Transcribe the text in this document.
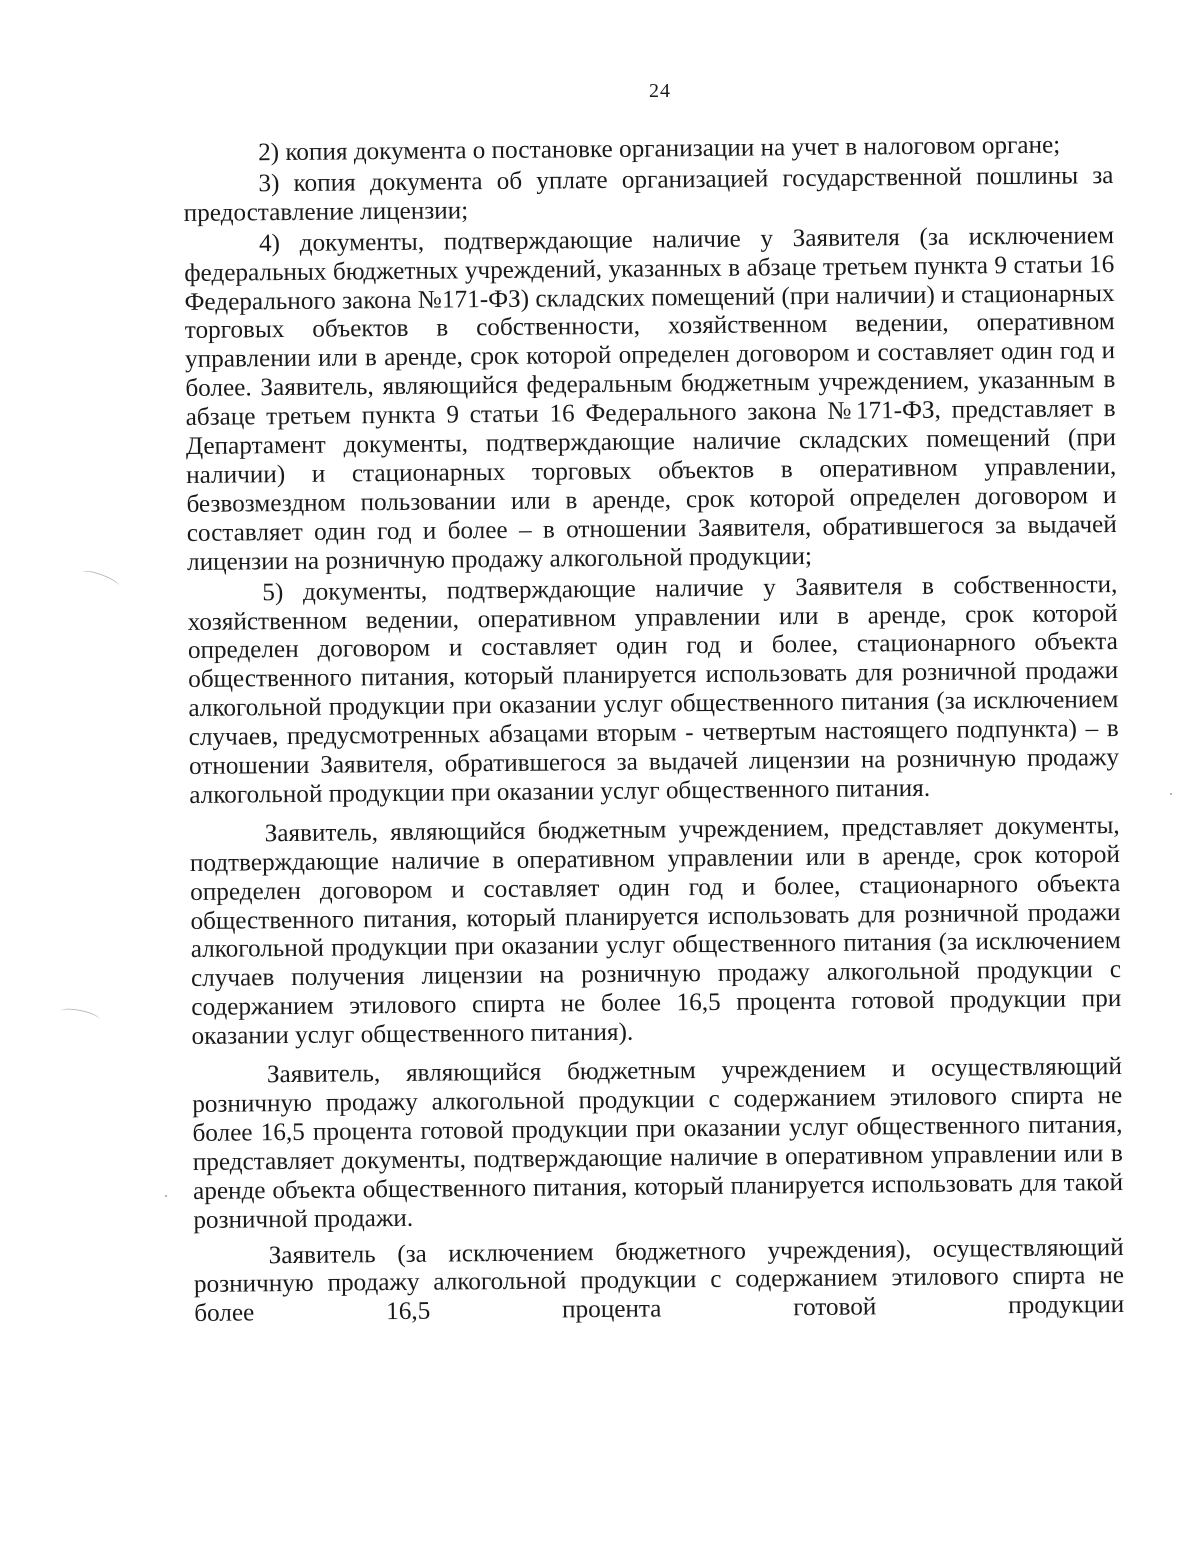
24

2) копия документа о постановке организации на учет в налоговом органе;

3) копия документа об уплате организацией государственной пошлины за предоставление лицензии;

4) документы, подтверждающие наличие у Заявителя (за исключением федеральных бюджетных учреждений, указанных в абзаце третьем пункта 9 статьи 16 Федерального закона №171-ФЗ) складских помещений (при наличии) и стационарных торговых объектов в собственности, хозяйственном ведении, оперативном управлении или в аренде, срок которой определен договором и составляет один год и более. Заявитель, являющийся федеральным бюджетным учреждением, указанным в абзаце третьем пункта 9 статьи 16 Федерального закона №171-ФЗ, представляет в Департамент документы, подтверждающие наличие складских помещений (при наличии) и стационарных торговых объектов в оперативном управлении, безвозмездном пользовании или в аренде, срок которой определен договором и составляет один год и более – в отношении Заявителя, обратившегося за выдачей лицензии на розничную продажу алкогольной продукции;

5) документы, подтверждающие наличие у Заявителя в собственности, хозяйственном ведении, оперативном управлении или в аренде, срок которой определен договором и составляет один год и более, стационарного объекта общественного питания, который планируется использовать для розничной продажи алкогольной продукции при оказании услуг общественного питания (за исключением случаев, предусмотренных абзацами вторым - четвертым настоящего подпункта) – в отношении Заявителя, обратившегося за выдачей лицензии на розничную продажу алкогольной продукции при оказании услуг общественного питания.

Заявитель, являющийся бюджетным учреждением, представляет документы, подтверждающие наличие в оперативном управлении или в аренде, срок которой определен договором и составляет один год и более, стационарного объекта общественного питания, который планируется использовать для розничной продажи алкогольной продукции при оказании услуг общественного питания (за исключением случаев получения лицензии на розничную продажу алкогольной продукции с содержанием этилового спирта не более 16,5 процента готовой продукции при оказании услуг общественного питания).

Заявитель, являющийся бюджетным учреждением и осуществляющий розничную продажу алкогольной продукции с содержанием этилового спирта не более 16,5 процента готовой продукции при оказании услуг общественного питания, представляет документы, подтверждающие наличие в оперативном управлении или в аренде объекта общественного питания, который планируется использовать для такой розничной продажи.

Заявитель (за исключением бюджетного учреждения), осуществляющий розничную продажу алкогольной продукции с содержанием этилового спирта не более 16,5 процента готовой продукции
